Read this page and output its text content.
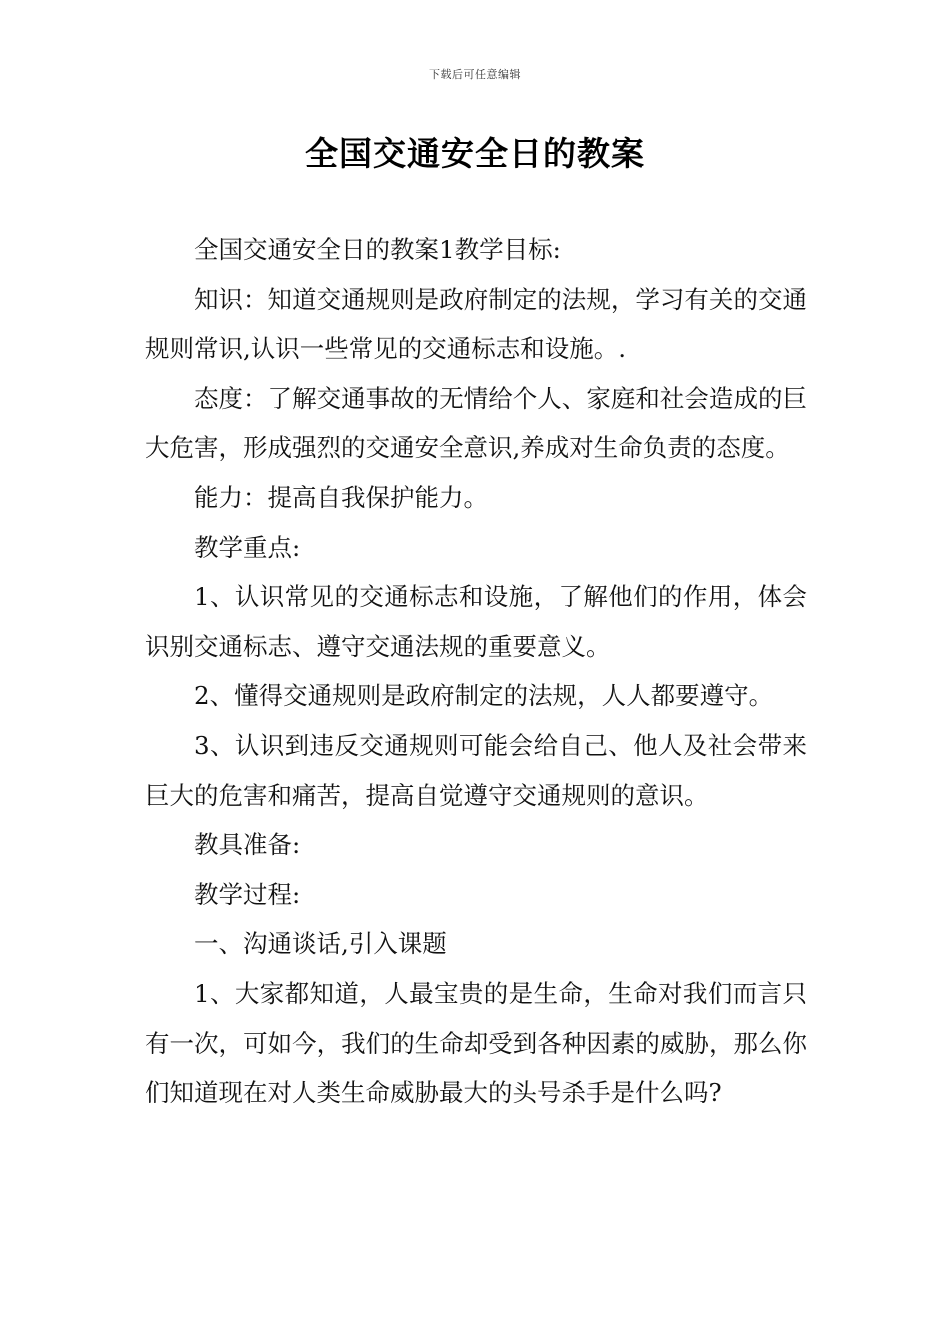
下载后可任意编辑
全国交通安全日的教案

全国交通安全日的教案1教学目标:

知识：知道交通规则是政府制定的法规，学习有关的交通规则常识,认识一些常见的交通标志和设施。.

态度：了解交通事故的无情给个人、家庭和社会造成的巨大危害，形成强烈的交通安全意识,养成对生命负责的态度。

能力：提高自我保护能力。

教学重点:

1、认识常见的交通标志和设施，了解他们的作用，体会识别交通标志、遵守交通法规的重要意义。

2、懂得交通规则是政府制定的法规，人人都要遵守。

3、认识到违反交通规则可能会给自己、他人及社会带来巨大的危害和痛苦，提高自觉遵守交通规则的意识。

教具准备:

教学过程:

一、沟通谈话,引入课题

1、大家都知道，人最宝贵的是生命，生命对我们而言只有一次，可如今，我们的生命却受到各种因素的威胁，那么你们知道现在对人类生命威胁最大的头号杀手是什么吗?
